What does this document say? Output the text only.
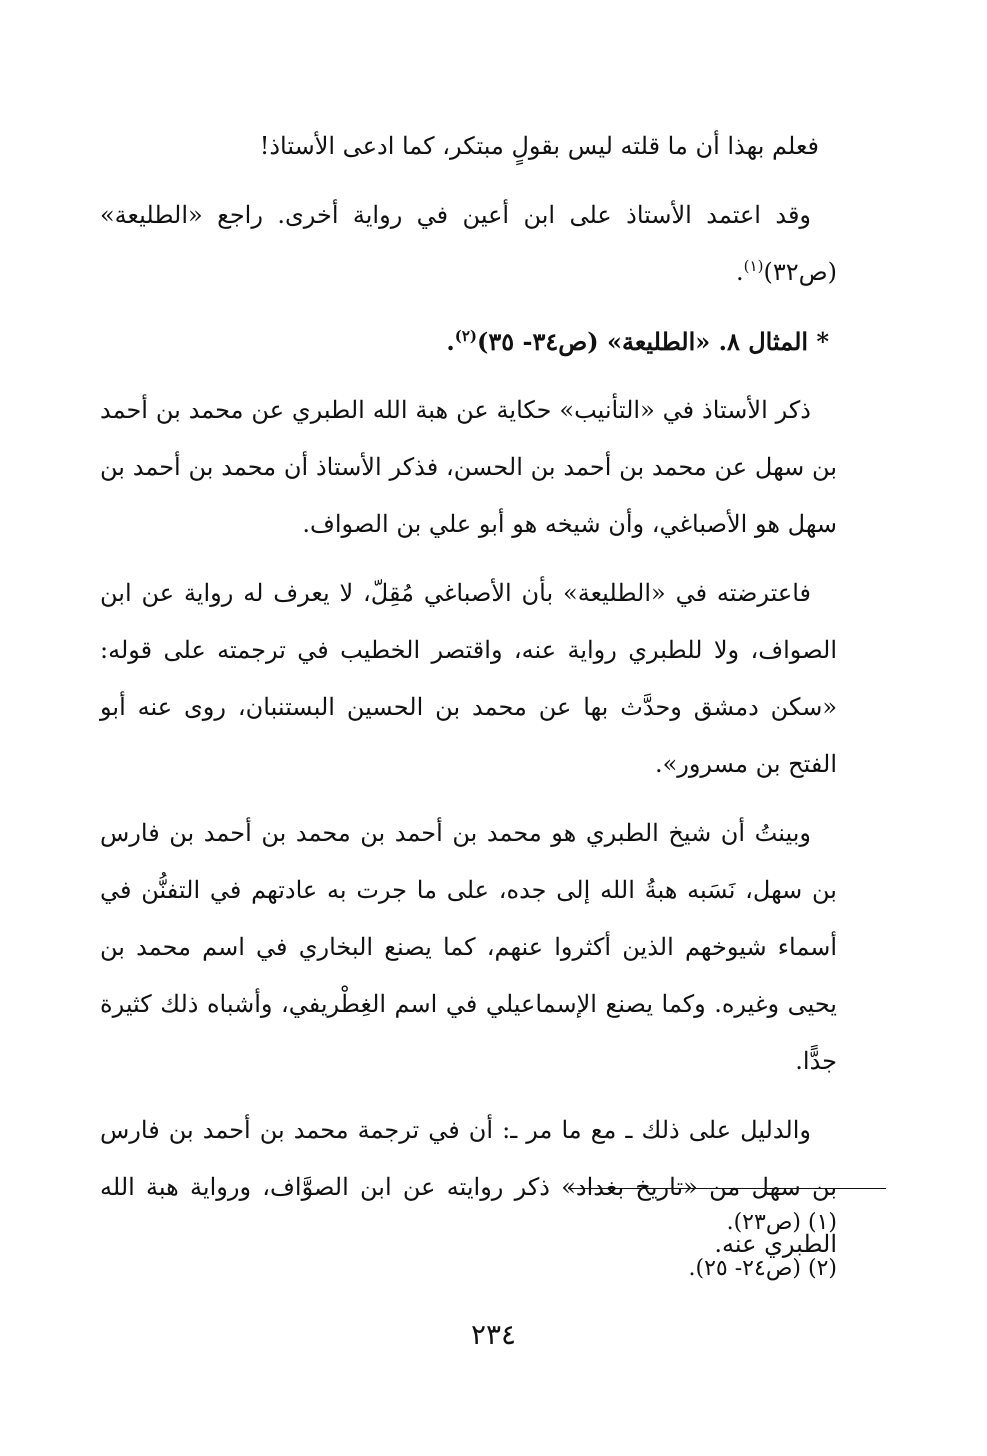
فعلم بهذا أن ما قلته ليس بقولٍ مبتكر، كما ادعى الأستاذ!

وقد اعتمد الأستاذ على ابن أعين في رواية أخرى. راجع «الطليعة» (ص٣٢)$^{(١)}$.

* المثال ٨. «الطليعة» (ص٣٤- ٣٥)$^{(٢)}$.

ذكر الأستاذ في «التأنيب» حكاية عن هبة الله الطبري عن محمد بن أحمد بن سهل عن محمد بن أحمد بن الحسن، فذكر الأستاذ أن محمد بن أحمد بن سهل هو الأصباغي، وأن شيخه هو أبو علي بن الصواف.

فاعترضته في «الطليعة» بأن الأصباغي مُقِلّ، لا يعرف له رواية عن ابن الصواف، ولا للطبري رواية عنه، واقتصر الخطيب في ترجمته على قوله: «سكن دمشق وحدَّث بها عن محمد بن الحسين البستنبان، روى عنه أبو الفتح بن مسرور».

وبينتُ أن شيخ الطبري هو محمد بن أحمد بن محمد بن أحمد بن فارس بن سهل، نَسَبه هبةُ الله إلى جده، على ما جرت به عادتهم في التفنُّن في أسماء شيوخهم الذين أكثروا عنهم، كما يصنع البخاري في اسم محمد بن يحيى وغيره. وكما يصنع الإسماعيلي في اسم الغِطْريفي، وأشباه ذلك كثيرة جدًّا.

والدليل على ذلك ـ مع ما مر ـ: أن في ترجمة محمد بن أحمد بن فارس بن سهل من «تاريخ بغداد» ذكر روايته عن ابن الصوَّاف، ورواية هبة الله الطبري عنه.

(١) (ص٢٣).

(٢) (ص٢٤- ٢٥).

٢٣٤
